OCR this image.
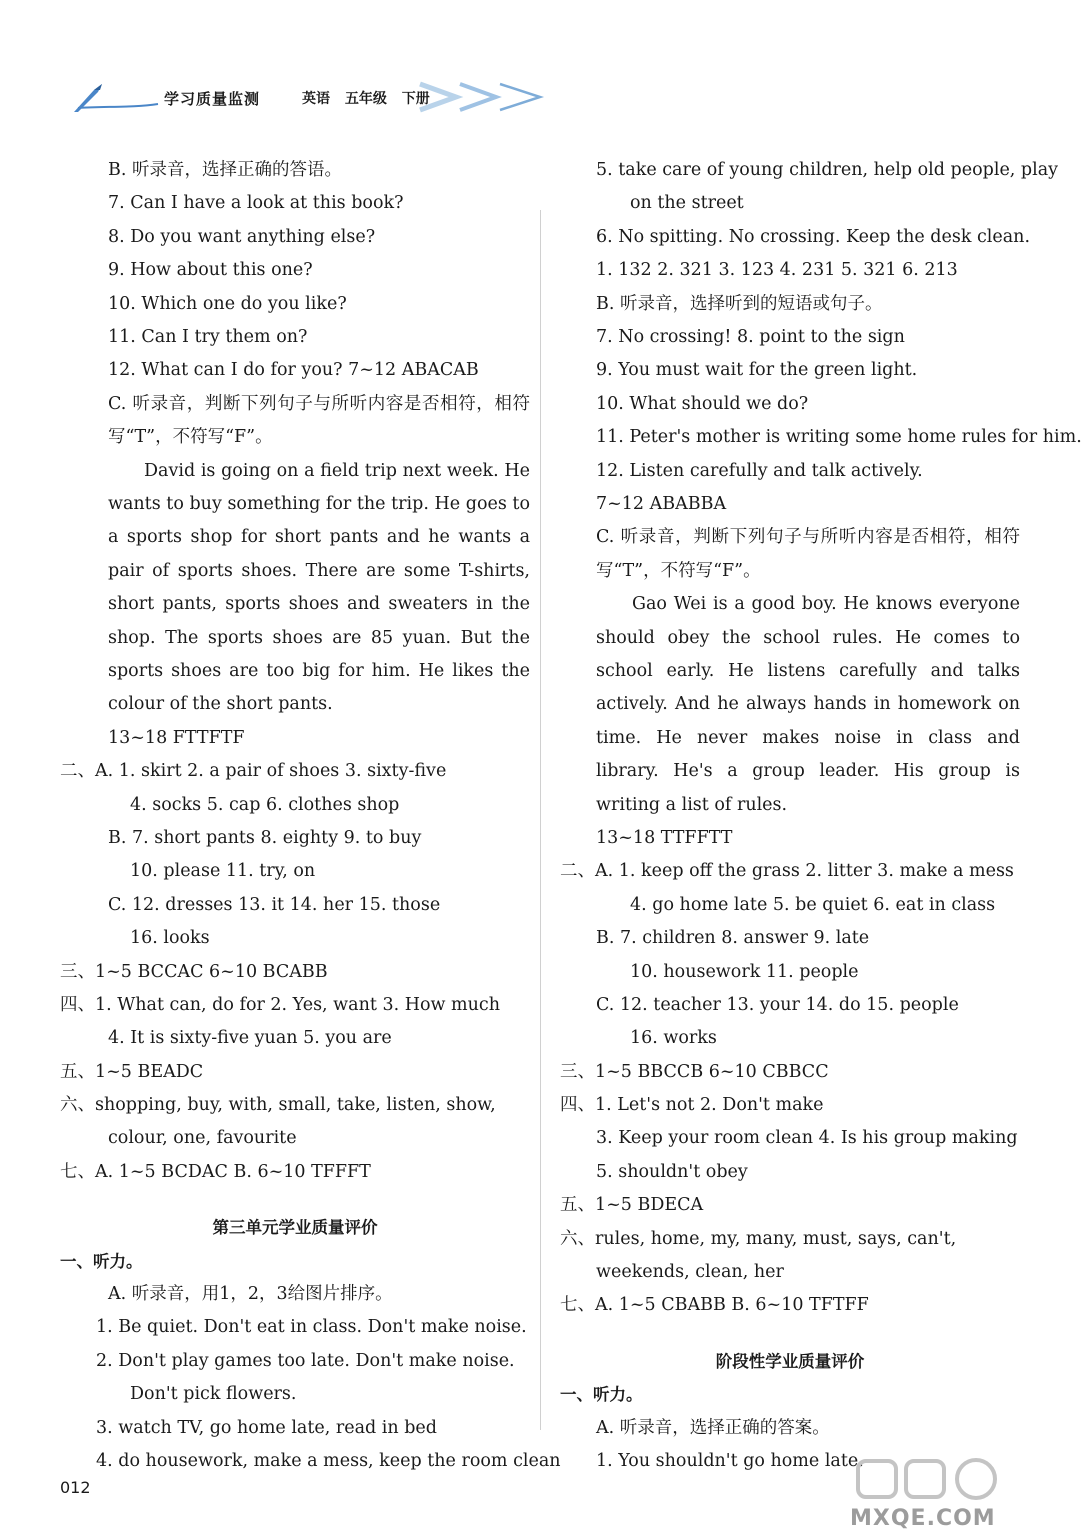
学习质量监测	英语 五年级 下册
B. 听录音，选择正确的答语。
7. Can I have a look at this book?
8. Do you want anything else?
9. How about this one?
10. Which one do you like?
11. Can I try them on?
12. What can I do for you? 7~12 ABACAB
C. 听录音，判断下列句子与所听内容是否相符，相符写“T”，不符写“F”。
David is going on a field trip next week. He wants to buy something for the trip. He goes to a sports shop for short pants and he wants a pair of sports shoes. There are some T-shirts, short pants, sports shoes and sweaters in the shop. The sports shoes are 85 yuan. But the sports shoes are too big for him. He likes the colour of the short pants.
13~18 FTTFTF
二、A. 1. skirt 2. a pair of shoes 3. sixty-five
4. socks 5. cap 6. clothes shop
B. 7. short pants 8. eighty 9. to buy
10. please 11. try, on
C. 12. dresses 13. it 14. her 15. those
16. looks
三、1~5 BCCAC 6~10 BCABB
四、1. What can, do for 2. Yes, want 3. How much
4. It is sixty-five yuan 5. you are
五、1~5 BEADC
六、shopping, buy, with, small, take, listen, show,
colour, one, favourite
七、A. 1~5 BCDAC B. 6~10 TFFFT
第三单元学业质量评价
一、听力。
A. 听录音，用1，2，3给图片排序。
1. Be quiet. Don't eat in class. Don't make noise.
2. Don't play games too late. Don't make noise.
Don't pick flowers.
3. watch TV, go home late, read in bed
4. do housework, make a mess, keep the room clean
5. take care of young children, help old people, play
on the street
6. No spitting. No crossing. Keep the desk clean.
1. 132 2. 321 3. 123 4. 231 5. 321 6. 213
B. 听录音，选择听到的短语或句子。
7. No crossing! 8. point to the sign
9. You must wait for the green light.
10. What should we do?
11. Peter's mother is writing some home rules for him.
12. Listen carefully and talk actively.
7~12 ABABBA
C. 听录音，判断下列句子与所听内容是否相符，相符写“T”，不符写“F”。
Gao Wei is a good boy. He knows everyone should obey the school rules. He comes to school early. He listens carefully and talks actively. And he always hands in homework on time. He never makes noise in class and library. He's a group leader. His group is writing a list of rules.
13~18 TTFFTT
二、A. 1. keep off the grass 2. litter 3. make a mess
4. go home late 5. be quiet 6. eat in class
B. 7. children 8. answer 9. late
10. housework 11. people
C. 12. teacher 13. your 14. do 15. people
16. works
三、1~5 BBCCB 6~10 CBBCC
四、1. Let's not 2. Don't make
3. Keep your room clean 4. Is his group making
5. shouldn't obey
五、1~5 BDECA
六、rules, home, my, many, must, says, can't,
weekends, clean, her
七、A. 1~5 CBABB B. 6~10 TFTFF
阶段性学业质量评价
一、听力。
A. 听录音，选择正确的答案。
1. You shouldn't go home late.
012
MXQE.COM
